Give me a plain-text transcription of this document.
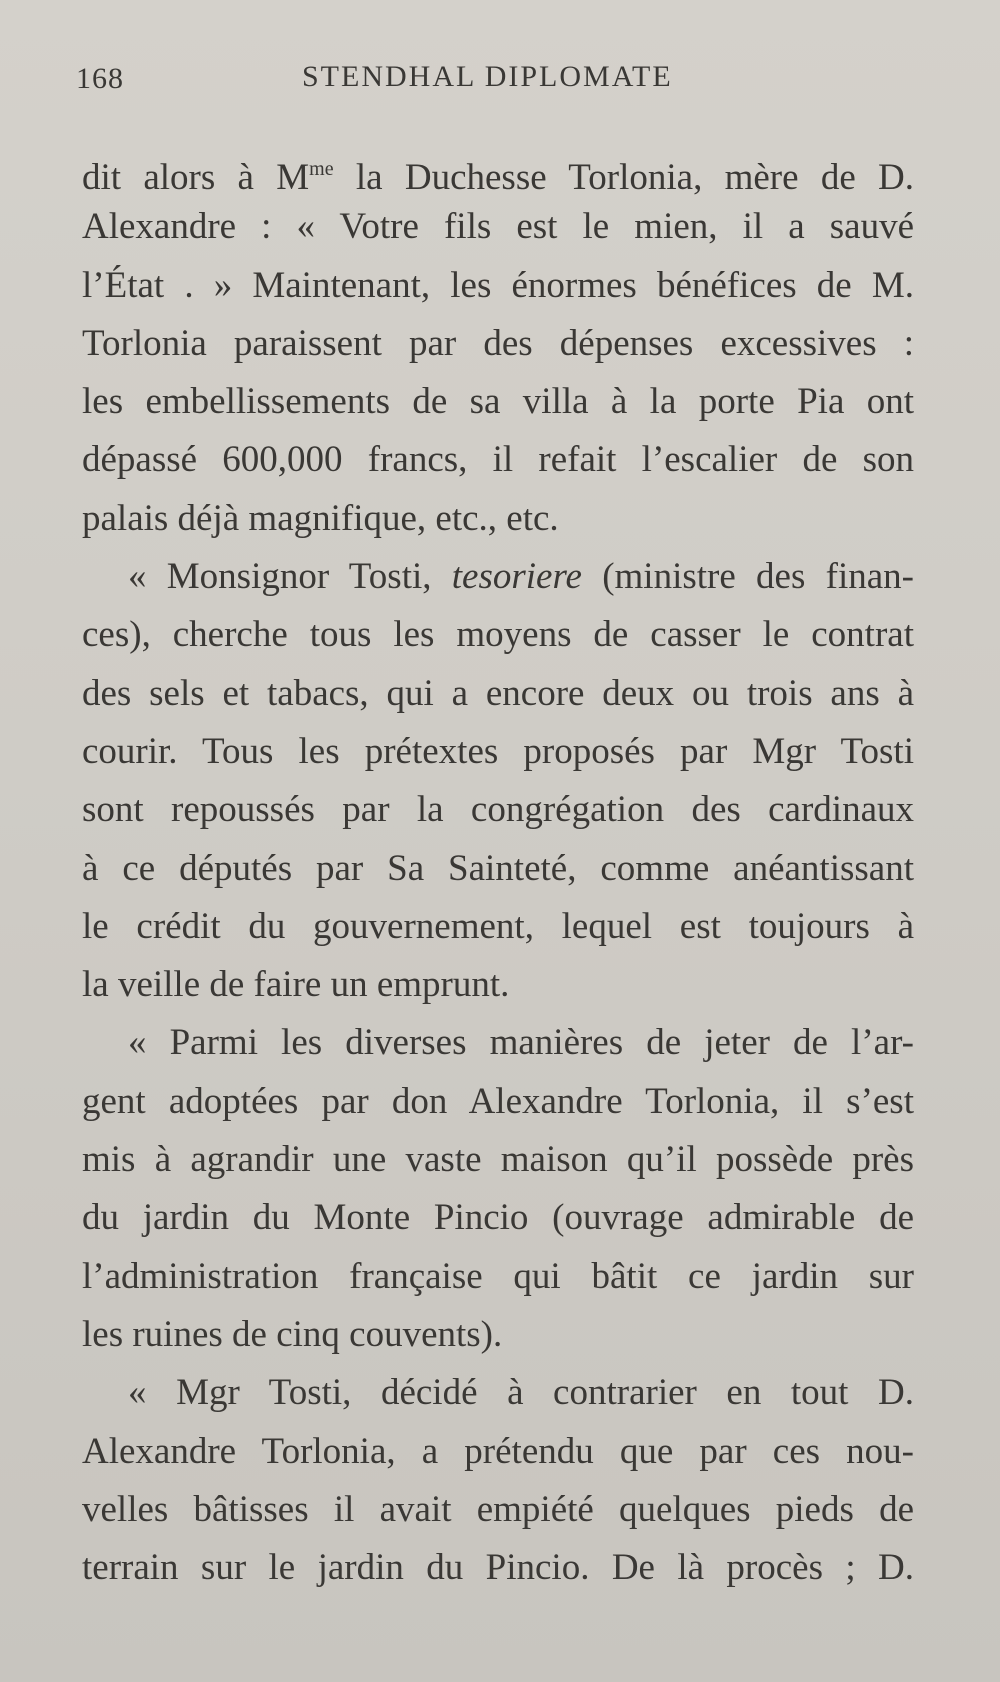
168	STENDHAL DIPLOMATE
dit alors à $M^{me}$ la Duchesse Torlonia, mère de D.
Alexandre : « Votre fils est le mien, il a sauvé
l’État . » Maintenant, les énormes bénéfices de M.
Torlonia paraissent par des dépenses excessives :
les embellissements de sa villa à la porte Pia ont
dépassé 600,000 francs, il refait l’escalier de son
palais déjà magnifique, etc., etc.
« Monsignor Tosti, tesoriere (ministre des finan-
ces), cherche tous les moyens de casser le contrat
des sels et tabacs, qui a encore deux ou trois ans à
courir. Tous les prétextes proposés par Mgr Tosti
sont repoussés par la congrégation des cardinaux
à ce députés par Sa Sainteté, comme anéantissant
le crédit du gouvernement, lequel est toujours à
la veille de faire un emprunt.
« Parmi les diverses manières de jeter de l’ar-
gent adoptées par don Alexandre Torlonia, il s’est
mis à agrandir une vaste maison qu’il possède près
du jardin du Monte Pincio (ouvrage admirable de
l’administration française qui bâtit ce jardin sur
les ruines de cinq couvents).
« Mgr Tosti, décidé à contrarier en tout D.
Alexandre Torlonia, a prétendu que par ces nou-
velles bâtisses il avait empiété quelques pieds de
terrain sur le jardin du Pincio. De là procès ; D.
